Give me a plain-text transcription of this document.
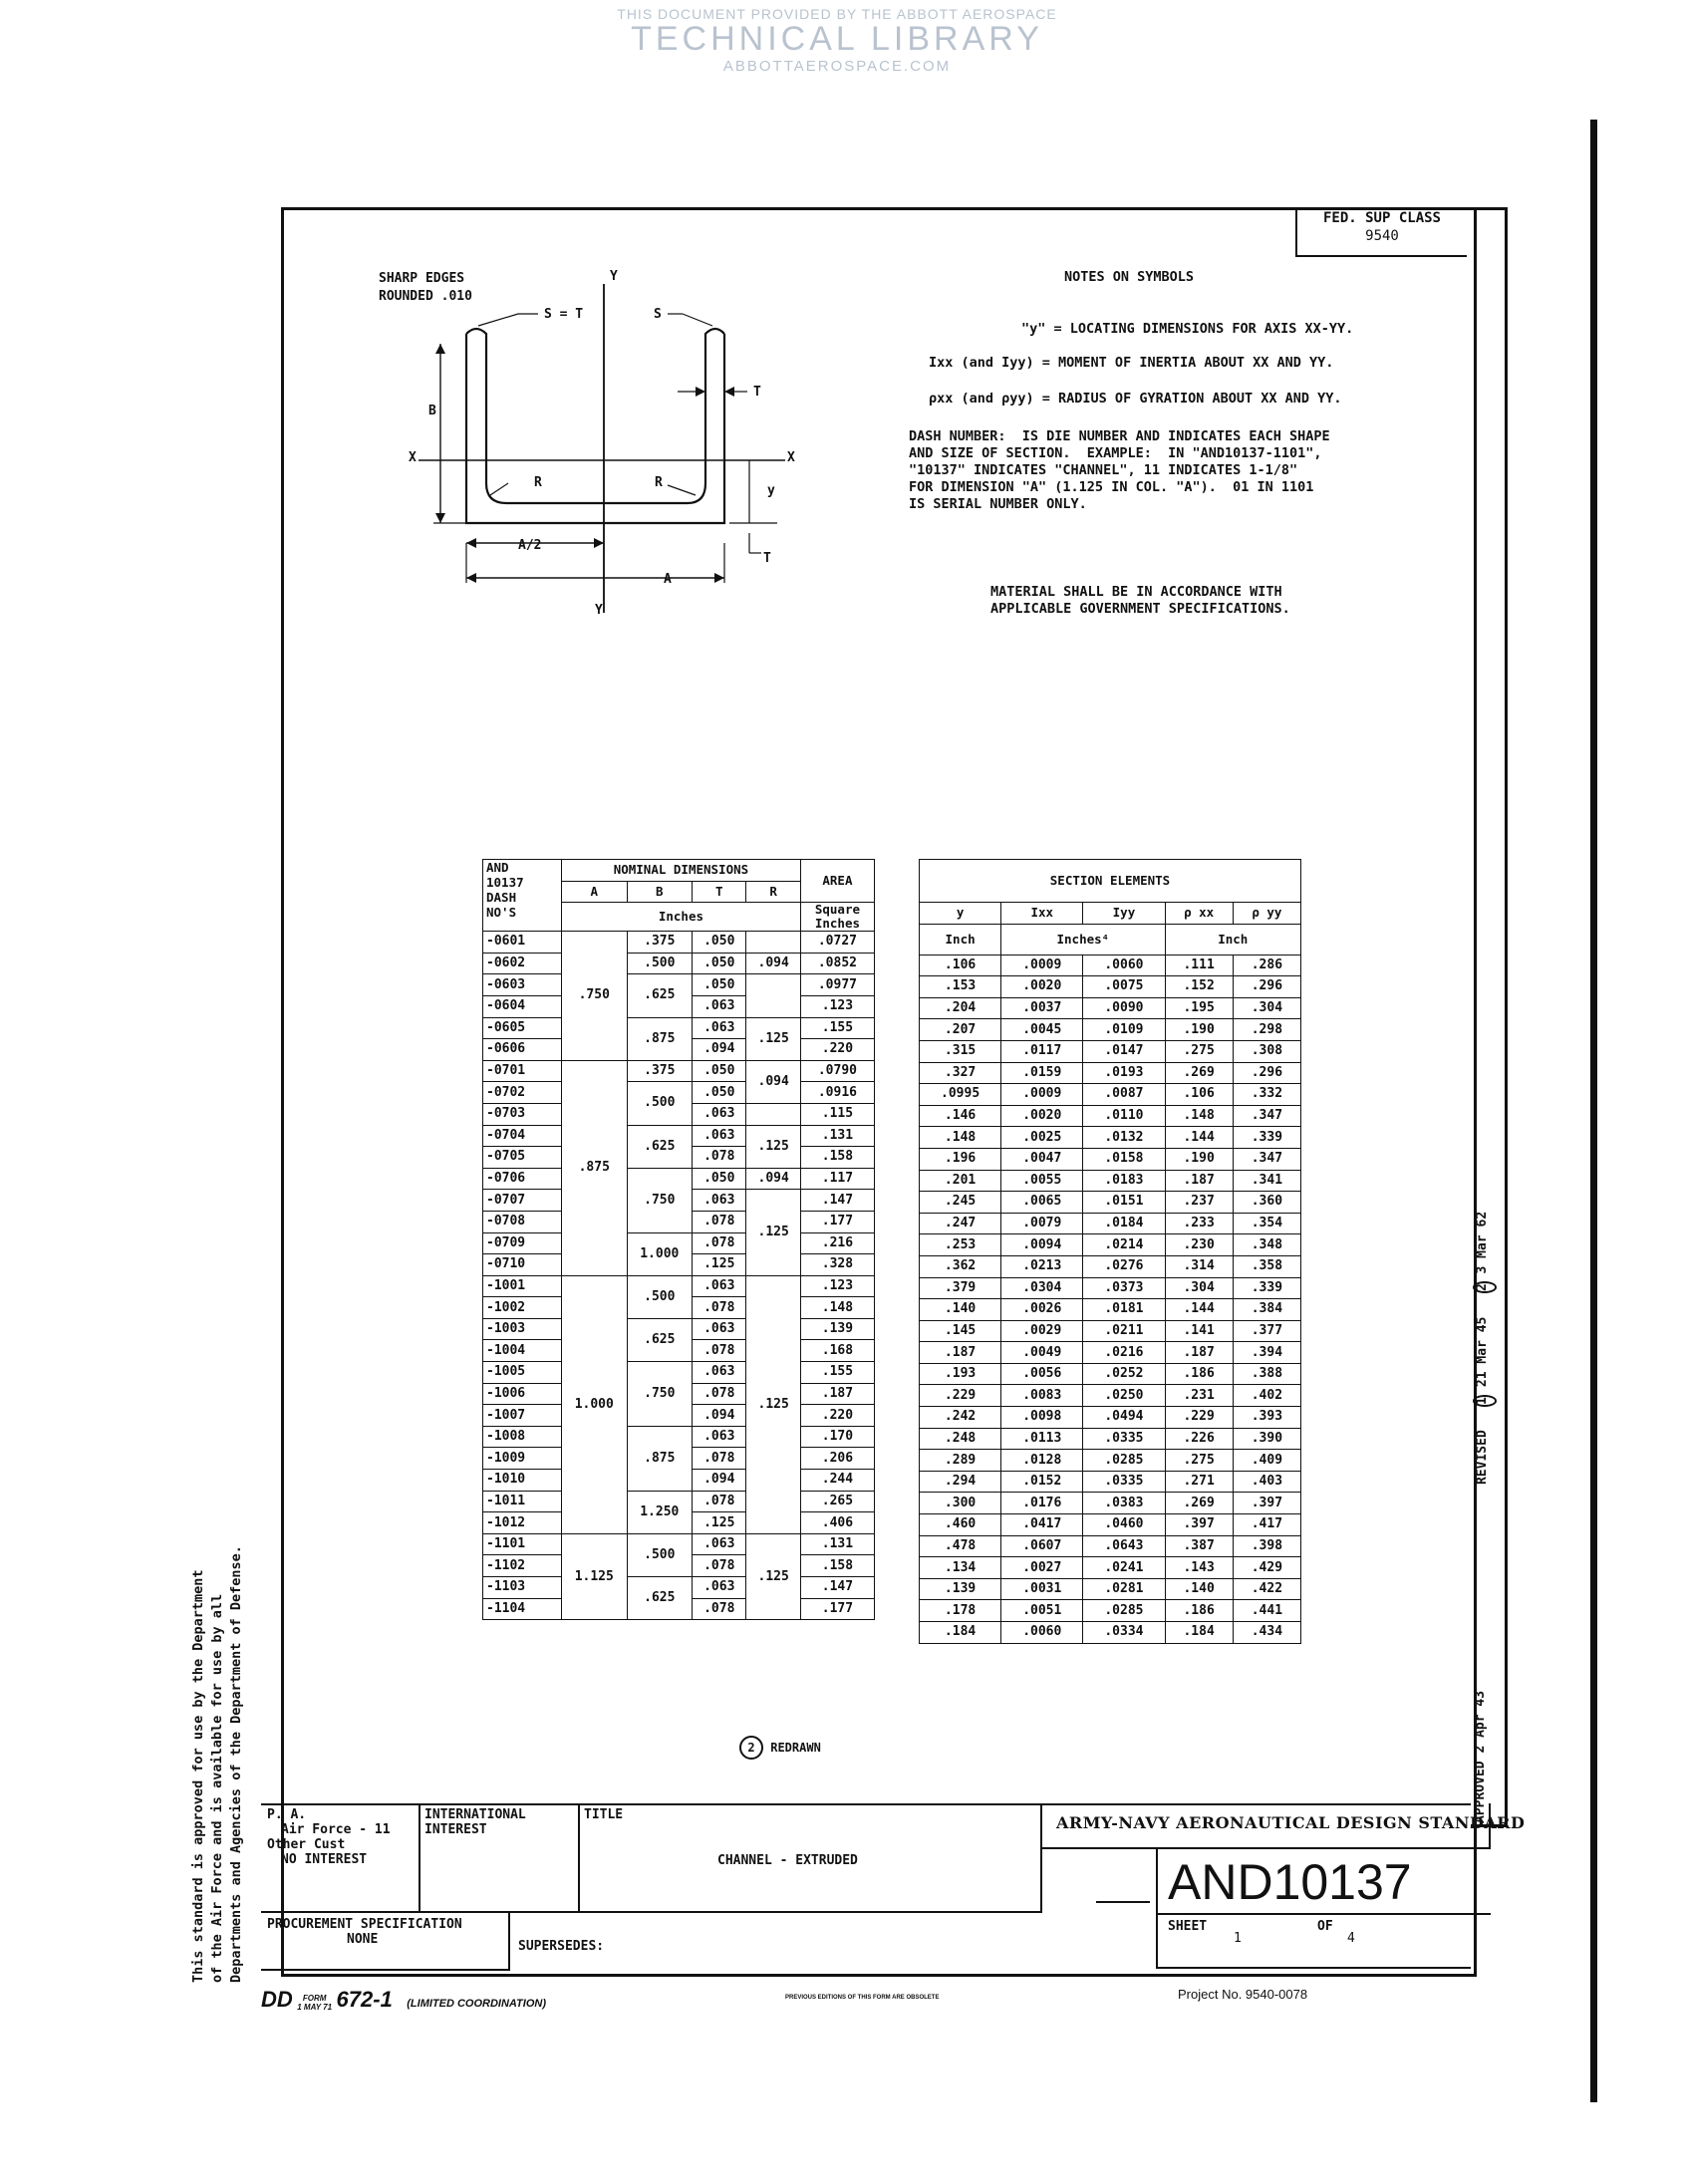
THIS DOCUMENT PROVIDED BY THE ABBOTT AEROSPACE
TECHNICAL LIBRARY
ABBOTTAEROSPACE.COM
FED. SUP CLASS
9540
SHARP EDGES
ROUNDED .010
S = T	S
T
B
R	R
X	X
Y
Y
y
T
A/2
A
NOTES ON SYMBOLS
"y" = LOCATING DIMENSIONS FOR AXIS XX-YY.
Ixx (and Iyy) = MOMENT OF INERTIA ABOUT XX AND YY.
ρxx (and ρyy) = RADIUS OF GYRATION ABOUT XX AND YY.
DASH NUMBER:  IS DIE NUMBER AND INDICATES EACH SHAPE
AND SIZE OF SECTION.  EXAMPLE:  IN "AND10137-1101",
"10137" INDICATES "CHANNEL", 11 INDICATES 1-1/8"
FOR DIMENSION "A" (1.125 IN COL. "A").  01 IN 1101
IS SERIAL NUMBER ONLY.
MATERIAL SHALL BE IN ACCORDANCE WITH
APPLICABLE GOVERNMENT SPECIFICATIONS.
AND
10137
DASH
NO'S	NOMINAL DIMENSIONS				AREA
	A	B	T	R	
	Inches				Square
Inches

-0601	.750	.375	.050		.0727
-0602		.500	.050	.094	.0852
-0603		.625	.050		.0977
-0604			.063		.123
-0605		.875	.063	.125	.155
-0606			.094		.220
-0701	.875	.375	.050	.094	.0790
-0702		.500	.050		.0916
-0703			.063		.115
-0704		.625	.063	.125	.131
-0705			.078		.158
-0706		.750	.050	.094	.117
-0707			.063	.125	.147
-0708			.078		.177
-0709		1.000	.078		.216
-0710			.125		.328
-1001	1.000	.500	.063	.125	.123
-1002			.078		.148
-1003		.625	.063		.139
-1004			.078		.168
-1005		.750	.063		.155
-1006			.078		.187
-1007			.094		.220
-1008		.875	.063		.170
-1009			.078		.206
-1010			.094		.244
-1011		1.250	.078		.265
-1012			.125		.406
-1101	1.125	.500	.063	.125	.131
-1102			.078		.158
-1103		.625	.063		.147
-1104			.078		.177
SECTION ELEMENTS				
y	Ixx	Iyy	ρ xx	ρ yy
Inch	Inches⁴		Inch	
.106	.0009	.0060	.111	.286
.153	.0020	.0075	.152	.296
.204	.0037	.0090	.195	.304
.207	.0045	.0109	.190	.298
.315	.0117	.0147	.275	.308
.327	.0159	.0193	.269	.296
.0995	.0009	.0087	.106	.332
.146	.0020	.0110	.148	.347
.148	.0025	.0132	.144	.339
.196	.0047	.0158	.190	.347
.201	.0055	.0183	.187	.341
.245	.0065	.0151	.237	.360
.247	.0079	.0184	.233	.354
.253	.0094	.0214	.230	.348
.362	.0213	.0276	.314	.358
.379	.0304	.0373	.304	.339
.140	.0026	.0181	.144	.384
.145	.0029	.0211	.141	.377
.187	.0049	.0216	.187	.394
.193	.0056	.0252	.186	.388
.229	.0083	.0250	.231	.402
.242	.0098	.0494	.229	.393
.248	.0113	.0335	.226	.390
.289	.0128	.0285	.275	.409
.294	.0152	.0335	.271	.403
.300	.0176	.0383	.269	.397
.460	.0417	.0460	.397	.417
.478	.0607	.0643	.387	.398
.134	.0027	.0241	.143	.429
.139	.0031	.0281	.140	.422
.178	.0051	.0285	.186	.441
.184	.0060	.0334	.184	.434
2 REDRAWN
This standard is approved for use by the Department of the Air Force and is available for use by all Departments and Agencies of the Department of Defense.	APPROVED 2 Apr 43
REVISED   1 21 Mar 45   2 3 Mar 62
P. A.
Air Force - 11
Other Cust
NO INTEREST
INTERNATIONAL
INTEREST
TITLE
CHANNEL - EXTRUDED
ARMY-NAVY AERONAUTICAL DESIGN STANDARD
AND10137
SHEET
1
OF
4
PROCUREMENT SPECIFICATION
NONE	SUPERSEDES:
DD FORM
1 MAY 71 672-1 (LIMITED COORDINATION)	PREVIOUS EDITIONS OF THIS FORM ARE OBSOLETE	Project No. 9540-0078
